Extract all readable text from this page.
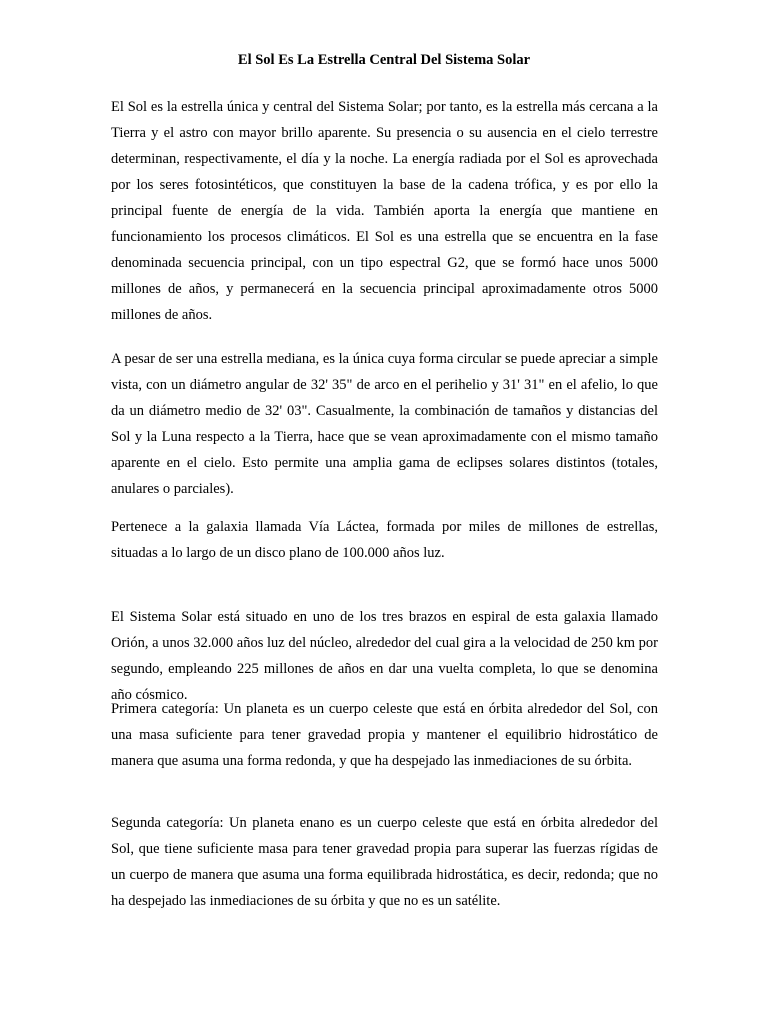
El Sol Es La Estrella Central Del Sistema Solar

El Sol es la estrella única y central del Sistema Solar; por tanto, es la estrella más cercana a la Tierra y el astro con mayor brillo aparente. Su presencia o su ausencia en el cielo terrestre determinan, respectivamente, el día y la noche. La energía radiada por el Sol es aprovechada por los seres fotosintéticos, que constituyen la base de la cadena trófica, y es por ello la principal fuente de energía de la vida. También aporta la energía que mantiene en funcionamiento los procesos climáticos. El Sol es una estrella que se encuentra en la fase denominada secuencia principal, con un tipo espectral G2, que se formó hace unos 5000 millones de años, y permanecerá en la secuencia principal aproximadamente otros 5000 millones de años.

A pesar de ser una estrella mediana, es la única cuya forma circular se puede apreciar a simple vista, con un diámetro angular de 32' 35" de arco en el perihelio y 31' 31" en el afelio, lo que da un diámetro medio de 32' 03". Casualmente, la combinación de tamaños y distancias del Sol y la Luna respecto a la Tierra, hace que se vean aproximadamente con el mismo tamaño aparente en el cielo. Esto permite una amplia gama de eclipses solares distintos (totales, anulares o parciales).

Pertenece a la galaxia llamada Vía Láctea, formada por miles de millones de estrellas, situadas a lo largo de un disco plano de 100.000 años luz.

El Sistema Solar está situado en uno de los tres brazos en espiral de esta galaxia llamado Orión, a unos 32.000 años luz del núcleo, alrededor del cual gira a la velocidad de 250 km por segundo, empleando 225 millones de años en dar una vuelta completa, lo que se denomina año cósmico.

Primera categoría: Un planeta es un cuerpo celeste que está en órbita alrededor del Sol, con una masa suficiente para tener gravedad propia y mantener el equilibrio hidrostático de manera que asuma una forma redonda, y que ha despejado las inmediaciones de su órbita.

Segunda categoría: Un planeta enano es un cuerpo celeste que está en órbita alrededor del Sol, que tiene suficiente masa para tener gravedad propia para superar las fuerzas rígidas de un cuerpo de manera que asuma una forma equilibrada hidrostática, es decir, redonda; que no ha despejado las inmediaciones de su órbita y que no es un satélite.
